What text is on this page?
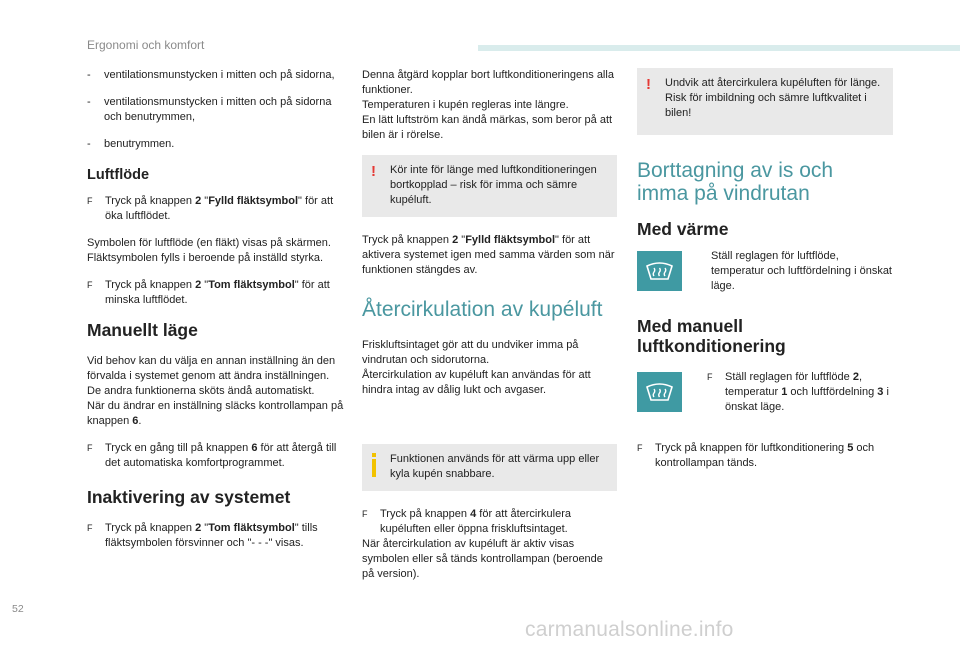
Ergonomi och komfort

- ventilationsmunstycken i mitten och på sidorna,

- ventilationsmunstycken i mitten och på sidorna och benutrymmen,

- benutrymmen.

Luftflöde

F Tryck på knappen 2 "Fylld fläktsymbol" för att öka luftflödet.

Symbolen för luftflöde (en fläkt) visas på skärmen. Fläktsymbolen fylls i beroende på inställd styrka.

F Tryck på knappen 2 "Tom fläktsymbol" för att minska luftflödet.

Manuellt läge

Vid behov kan du välja en annan inställning än den förvalda i systemet genom att ändra inställningen. De andra funktionerna sköts ändå automatiskt.
När du ändrar en inställning släcks kontrollampan på knappen 6.

F Tryck en gång till på knappen 6 för att återgå till det automatiska komfortprogrammet.

Inaktivering av systemet

F Tryck på knappen 2 "Tom fläktsymbol" tills fläktsymbolen försvinner och "- - -" visas.

Denna åtgärd kopplar bort luftkonditioneringens alla funktioner.
Temperaturen i kupén regleras inte längre.
En lätt luftström kan ändå märkas, som beror på att bilen är i rörelse.

! Kör inte för länge med luftkonditioneringen bortkopplad – risk för imma och sämre kupéluft.

Tryck på knappen 2 "Fylld fläktsymbol" för att aktivera systemet igen med samma värden som när funktionen stängdes av.

Återcirkulation av kupéluft

Friskluftsintaget gör att du undviker imma på vindrutan och sidorutorna.
Återcirkulation av kupéluft kan användas för att hindra intag av dålig lukt och avgaser.

Funktionen används för att värma upp eller kyla kupén snabbare.

F Tryck på knappen 4 för att återcirkulera kupéluften eller öppna friskluftsintaget.

När återcirkulation av kupéluft är aktiv visas symbolen eller så tänds kontrollampan (beroende på version).

! Undvik att återcirkulera kupéluften för länge. Risk för imbildning och sämre luftkvalitet i bilen!
Borttagning av is och
imma på vindrutan
Med värme
Ställ reglagen för luftflöde, temperatur och luftfördelning i önskat läge.
Med manuell
luftkonditionering

F Ställ reglagen för luftflöde 2, temperatur 1 och luftfördelning 3 i önskat läge.

F Tryck på knappen för luftkonditionering 5 och kontrollampan tänds.

52
carmanualsonline.info
